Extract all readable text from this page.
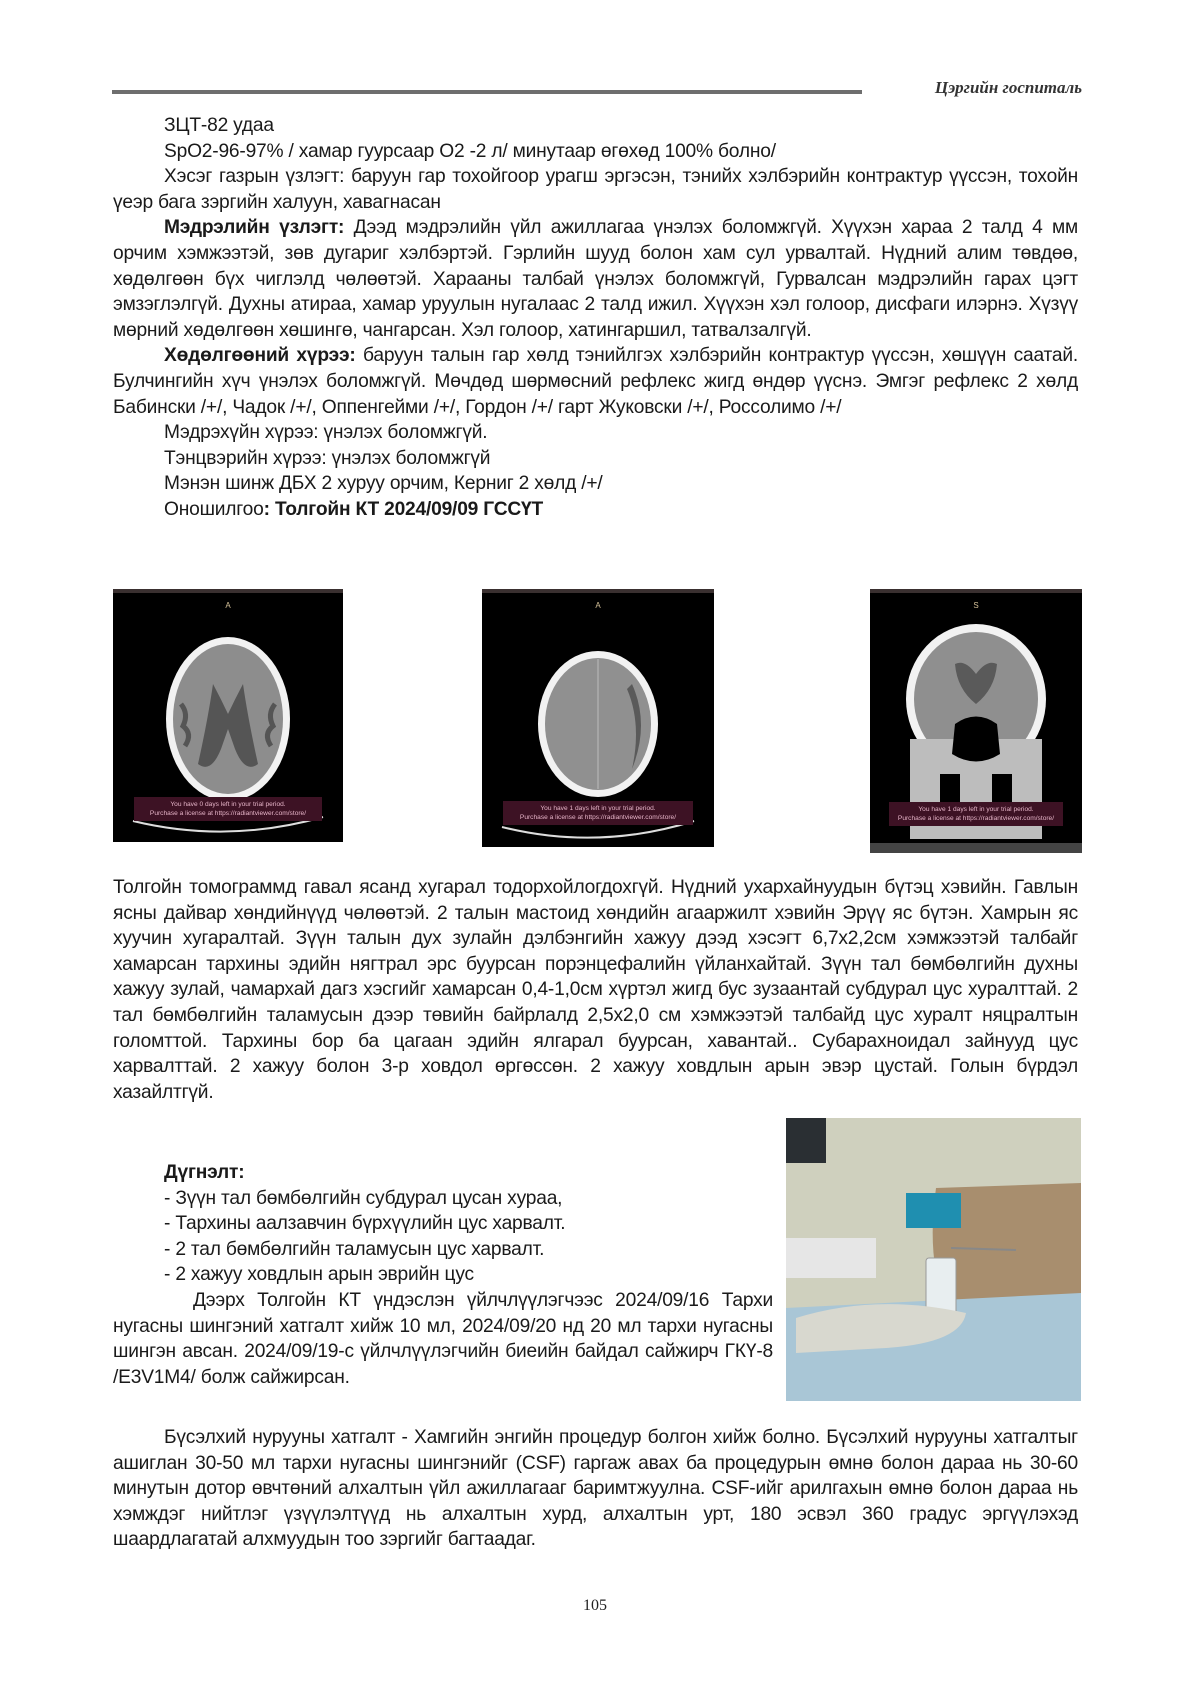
Цэргийн госпиталь

ЗЦТ-82 удаа

SpO2-96-97% / хамар гуурсаар O2 -2 л/ минутаар өгөхөд 100% болно/

Хэсэг газрын үзлэгт: баруун гар тохойгоор урагш эргэсэн, тэнийх хэлбэрийн контрактур үүссэн, тохойн үеэр бага зэргийн халуун, хавагнасан

Мэдрэлийн үзлэгт: Дээд мэдрэлийн үйл ажиллагаа үнэлэх боломжгүй. Хүүхэн хараа 2 талд 4 мм орчим хэмжээтэй, зөв дугариг хэлбэртэй. Гэрлийн шууд болон хам сул урвалтай. Нүдний алим төвдөө, хөдөлгөөн бүх чиглэлд чөлөөтэй. Харааны талбай үнэлэх боломжгүй, Гурвалсан мэдрэлийн гарах цэгт эмзэглэлгүй. Духны атираа, хамар уруулын нугалаас 2 талд ижил. Хүүхэн хэл голоор, дисфаги илэрнэ. Хүзүү мөрний хөдөлгөөн хөшингө, чангарсан. Хэл голоор, хатингаршил, татвалзалгүй.

Хөдөлгөөний хүрээ: баруун талын гар хөлд тэнийлгэх хэлбэрийн контрактур үүссэн, хөшүүн саатай. Булчингийн хүч үнэлэх боломжгүй. Мөчдөд шөрмөсний рефлекс жигд өндөр үүснэ. Эмгэг рефлекс 2 хөлд Бабински /+/, Чадок /+/, Оппенгейми /+/, Гордон /+/ гарт Жуковски /+/, Россолимо /+/

Мэдрэхүйн хүрээ: үнэлэх боломжгүй.

Тэнцвэрийн хүрээ: үнэлэх боломжгүй

Мэнэн шинж ДБХ 2 хуруу орчим, Керниг 2 хөлд /+/

Оношилгоо: Толгойн КТ 2024/09/09 ГССҮТ

A
You have 0 days left in your trial period.
Purchase a license at https://radiantviewer.com/store/
A
You have 1 days left in your trial period.
Purchase a license at https://radiantviewer.com/store/
S
You have 1 days left in your trial period.
Purchase a license at https://radiantviewer.com/store/

Толгойн томограммд гавал ясанд хугарал тодорхойлогдохгүй. Нүдний ухархайнуудын бүтэц хэвийн. Гавлын ясны дайвар хөндийнүүд чөлөөтэй. 2 талын мастоид хөндийн агааржилт хэвийн Эрүү яс бүтэн. Хамрын яс хуучин хугаралтай. Зүүн талын дух зулайн дэлбэнгийн хажуу дээд хэсэгт 6,7х2,2см хэмжээтэй талбайг хамарсан тархины эдийн нягтрал эрс буурсан порэнцефалийн үйланхайтай. Зүүн тал бөмбөлгийн духны хажуу зулай, чамархай дагз хэсгийг хамарсан 0,4-1,0см хүртэл жигд бус зузаантай субдурал цус хуралттай. 2 тал бөмбөлгийн таламусын дээр төвийн байрлалд 2,5х2,0 см хэмжээтэй талбайд цус хуралт няцралтын голомттой. Тархины бор ба цагаан эдийн ялгарал буурсан, хавантай.. Субарахноидал зайнууд цус харвалттай. 2 хажуу болон 3-р ховдол өргөссөн. 2 хажуу ховдлын арын эвэр цустай. Голын бүрдэл хазайлтгүй.

Дүгнэлт:

- Зүүн тал бөмбөлгийн субдурал цусан хураа,
- Тархины аалзавчин бүрхүүлийн цус харвалт.
- 2 тал бөмбөлгийн таламусын цус харвалт.
- 2 хажуу ховдлын арын эврийн цус

Дээрх Толгойн КТ үндэслэн үйлчлүүлэгчээс 2024/09/16 Тархи нугасны шингэний хатгалт хийж 10 мл, 2024/09/20 нд 20 мл тархи нугасны шингэн авсан. 2024/09/19-с үйлчлүүлэгчийн биеийн байдал сайжирч ГКҮ-8 /E3V1M4/ болж сайжирсан.

Бүсэлхий нурууны хатгалт - Хамгийн энгийн процедур болгон хийж болно. Бүсэлхий нурууны хатгалтыг ашиглан 30-50 мл тархи нугасны шингэнийг (CSF) гаргаж авах ба процедурын өмнө болон дараа нь 30-60 минутын дотор өвчтөний алхалтын үйл ажиллагааг баримтжуулна. CSF-ийг арилгахын өмнө болон дараа нь хэмждэг нийтлэг үзүүлэлтүүд нь алхалтын хурд, алхалтын урт, 180 эсвэл 360 градус эргүүлэхэд шаардлагатай алхмуудын тоо зэргийг багтаадаг.

105
